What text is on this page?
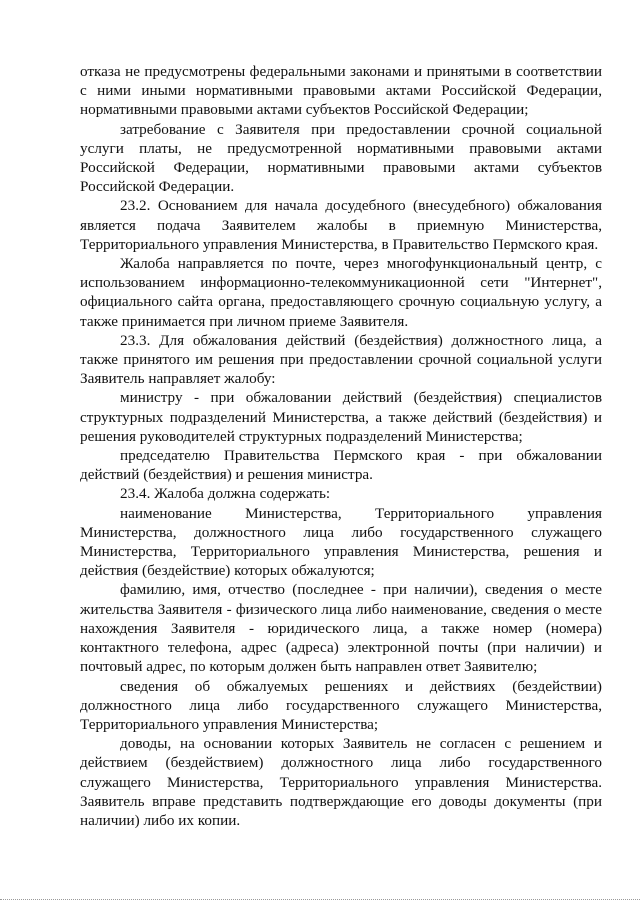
отказа не предусмотрены федеральными законами и принятыми в соответствии с ними иными нормативными правовыми актами Российской Федерации, нормативными правовыми актами субъектов Российской Федерации;

затребование с Заявителя при предоставлении срочной социальной услуги платы, не предусмотренной нормативными правовыми актами Российской Федерации, нормативными правовыми актами субъектов Российской Федерации.

23.2. Основанием для начала досудебного (внесудебного) обжалования является подача Заявителем жалобы в приемную Министерства, Территориального управления Министерства, в Правительство Пермского края.

Жалоба направляется по почте, через многофункциональный центр, с использованием информационно-телекоммуникационной сети "Интернет", официального сайта органа, предоставляющего срочную социальную услугу, а также принимается при личном приеме Заявителя.

23.3. Для обжалования действий (бездействия) должностного лица, а также принятого им решения при предоставлении срочной социальной услуги Заявитель направляет жалобу:

министру - при обжаловании действий (бездействия) специалистов структурных подразделений Министерства, а также действий (бездействия) и решения руководителей структурных подразделений Министерства;

председателю Правительства Пермского края - при обжаловании действий (бездействия) и решения министра.

23.4. Жалоба должна содержать:

наименование Министерства, Территориального управления Министерства, должностного лица либо государственного служащего Министерства, Территориального управления Министерства, решения и действия (бездействие) которых обжалуются;

фамилию, имя, отчество (последнее - при наличии), сведения о месте жительства Заявителя - физического лица либо наименование, сведения о месте нахождения Заявителя - юридического лица, а также номер (номера) контактного телефона, адрес (адреса) электронной почты (при наличии) и почтовый адрес, по которым должен быть направлен ответ Заявителю;

сведения об обжалуемых решениях и действиях (бездействии) должностного лица либо государственного служащего Министерства, Территориального управления Министерства;

доводы, на основании которых Заявитель не согласен с решением и действием (бездействием) должностного лица либо государственного служащего Министерства, Территориального управления Министерства. Заявитель вправе представить подтверждающие его доводы документы (при наличии) либо их копии.
